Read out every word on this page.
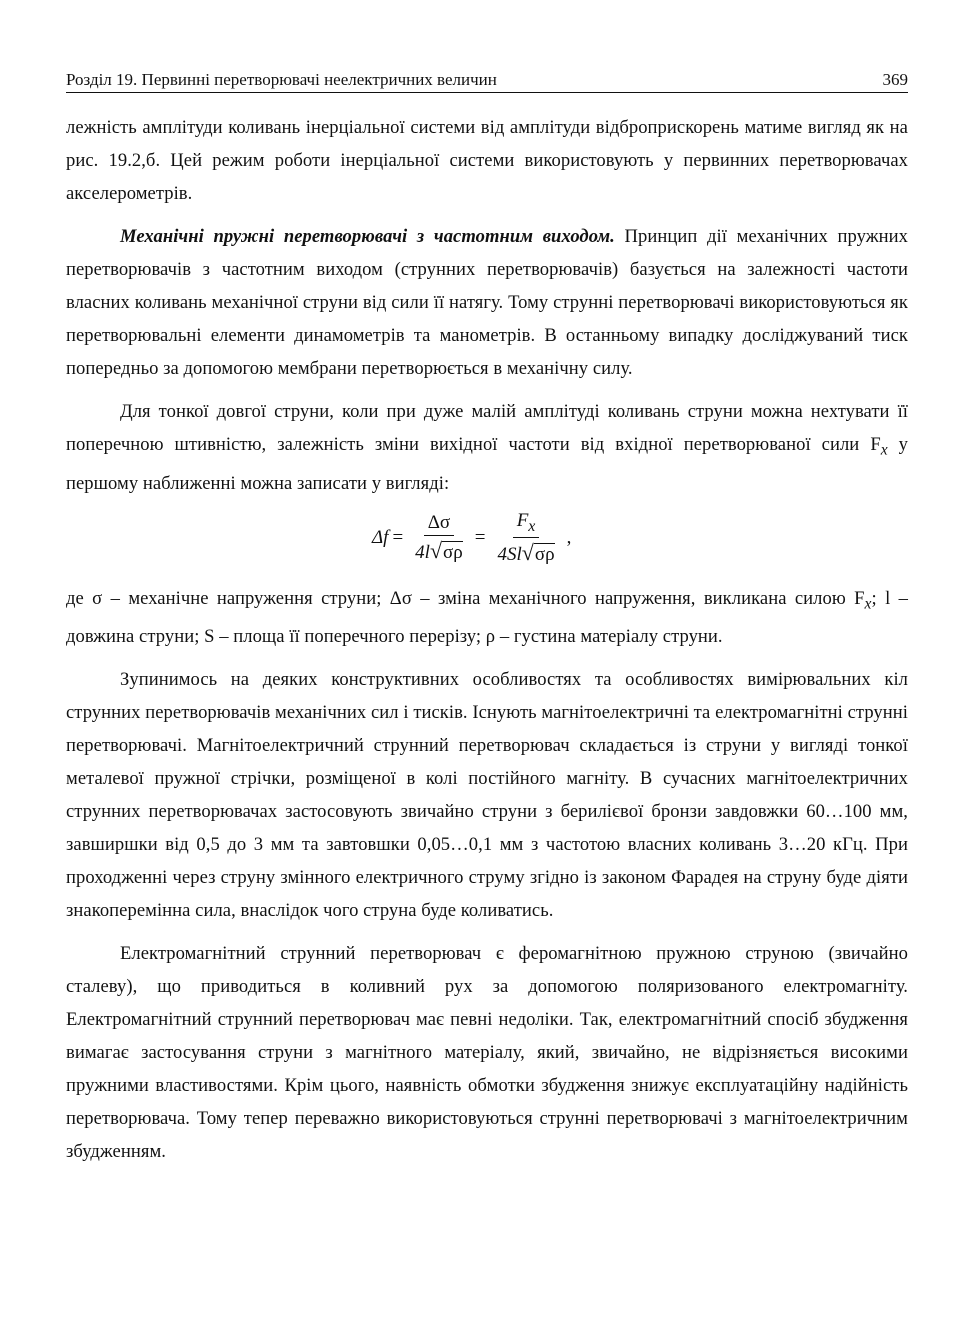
Розділ 19. Первинні перетворювачі неелектричних величин	369

лежність амплітуди коливань інерціальної системи від амплітуди відброприскорень матиме вигляд як на рис. 19.2,б. Цей режим роботи інерціальної системи використовують у первинних перетворювачах акселерометрів.

Механічні пружні перетворювачі з частотним виходом. Принцип дії механічних пружних перетворювачів з частотним виходом (струнних перетворювачів) базується на залежності частоти власних коливань механічної струни від сили її натягу. Тому струнні перетворювачі використовуються як перетворювальні елементи динамометрів та манометрів. В останньому випадку досліджуваний тиск попередньо за допомогою мембрани перетворюється в механічну силу.

Для тонкої довгої струни, коли при дуже малій амплітуді коливань струни можна нехтувати її поперечною штивністю, залежність зміни вихідної частоти від вхідної перетворюваної сили $F_x$ у першому наближенні можна записати у вигляді:

$\Delta f = \frac{\Delta\sigma}{4l√\sigma\rho} = \frac{F_x}{4Sl√\sigma\rho}$ ,

де σ – механічне напруження струни; Δσ – зміна механічного напруження, викликана силою $F_x$; l – довжина струни; S – площа її поперечного перерізу; ρ – густина матеріалу струни.

Зупинимось на деяких конструктивних особливостях та особливостях вимірювальних кіл струнних перетворювачів механічних сил і тисків. Існують магнітоелектричні та електромагнітні струнні перетворювачі. Магнітоелектричний струнний перетворювач складається із струни у вигляді тонкої металевої пружної стрічки, розміщеної в колі постійного магніту. В сучасних магнітоелектричних струнних перетворювачах застосовують звичайно струни з берилієвої бронзи завдовжки 60…100 мм, завширшки від 0,5 до 3 мм та завтовшки 0,05…0,1 мм з частотою власних коливань 3…20 кГц. При проходженні через струну змінного електричного струму згідно із законом Фарадея на струну буде діяти знакоперемінна сила, внаслідок чого струна буде коливатись.

Електромагнітний струнний перетворювач є феромагнітною пружною струною (звичайно сталеву), що приводиться в коливний рух за допомогою поляризованого електромагніту. Електромагнітний струнний перетворювач має певні недоліки. Так, електромагнітний спосіб збудження вимагає застосування струни з магнітного матеріалу, який, звичайно, не відрізняється високими пружними властивостями. Крім цього, наявність обмотки збудження знижує експлуатаційну надійність перетворювача. Тому тепер переважно використовуються струнні перетворювачі з магнітоелектричним збудженням.
